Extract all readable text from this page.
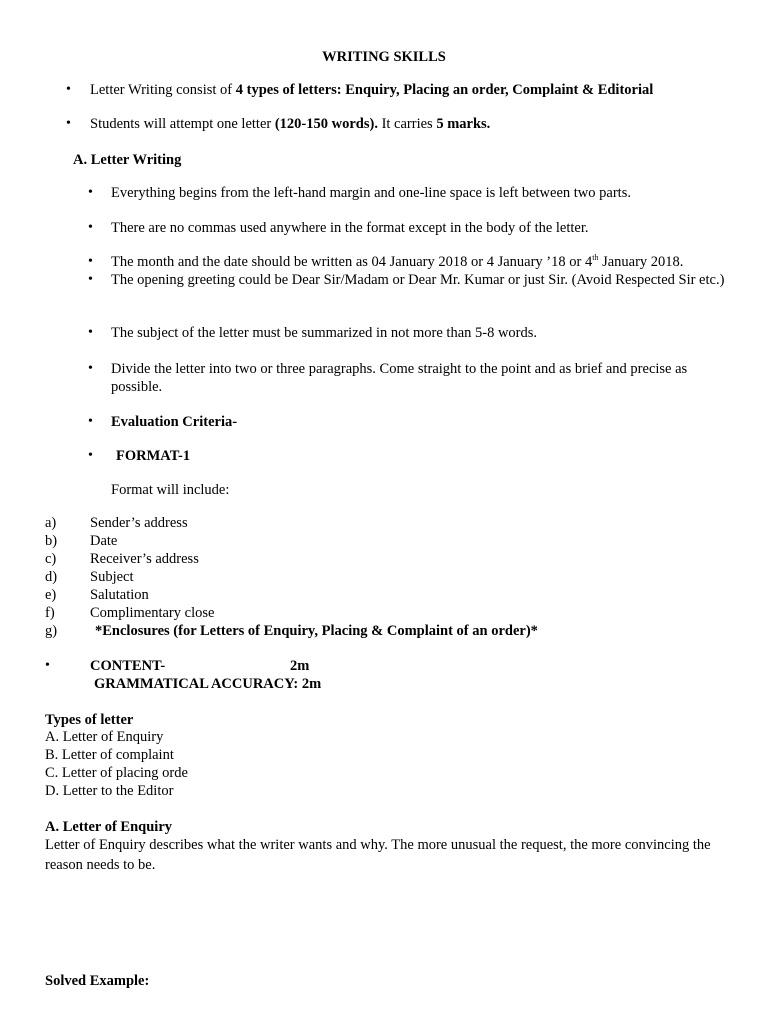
WRITING SKILLS
• Letter Writing consist of 4 types of letters: Enquiry, Placing an order, Complaint & Editorial
• Students will attempt one letter (120-150 words). It carries 5 marks.
A. Letter Writing
• Everything begins from the left-hand margin and one-line space is left between two parts.
• There are no commas used anywhere in the format except in the body of the letter.
• The month and the date should be written as 04 January 2018 or 4 January ’18 or 4th January 2018.
• The opening greeting could be Dear Sir/Madam or Dear Mr. Kumar or just Sir. (Avoid Respected Sir etc.)
• The subject of the letter must be summarized in not more than 5-8 words.
• Divide the letter into two or three paragraphs. Come straight to the point and as brief and precise as possible.
• Evaluation Criteria-
• FORMAT-1
Format will include:
a) Sender’s address
b) Date
c) Receiver’s address
d) Subject
e) Salutation
f) Complimentary close
g)	*Enclosures (for Letters of Enquiry, Placing & Complaint of an order)*
•	CONTENT-	2m
GRAMMATICAL ACCURACY: 2m
Types of letter
A. Letter of Enquiry
B. Letter of complaint
C. Letter of placing orde
D. Letter to the Editor
A. Letter of Enquiry
Letter of Enquiry describes what the writer wants and why. The more unusual the request, the more convincing the reason needs to be.
Solved Example:
